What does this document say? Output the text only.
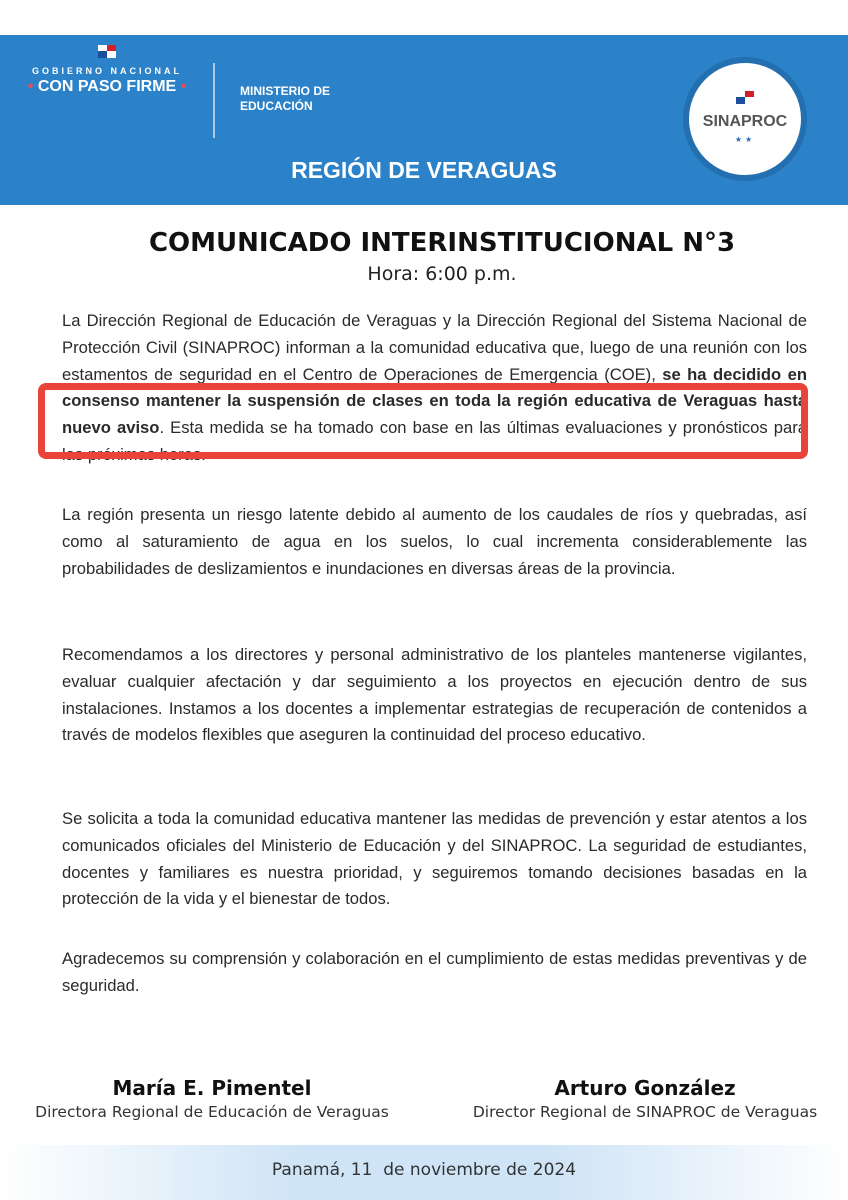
GOBIERNO NACIONAL
• CON PASO FIRME •	MINISTERIO DE
EDUCACIÓN
SINAPROC
★★
REGIÓN DE VERAGUAS
COMUNICADO INTERINSTITUCIONAL N°3
Hora: 6:00 p.m.
La Dirección Regional de Educación de Veraguas y la Dirección Regional del Sistema Nacional de Protección Civil (SINAPROC) informan a la comunidad educativa que, luego de una reunión con los estamentos de seguridad en el Centro de Operaciones de Emergencia (COE), se ha decidido en consenso mantener la suspensión de clases en toda la región educativa de Veraguas hasta nuevo aviso. Esta medida se ha tomado con base en las últimas evaluaciones y pronósticos para las próximas horas.
La región presenta un riesgo latente debido al aumento de los caudales de ríos y quebradas, así como al saturamiento de agua en los suelos, lo cual incrementa considerablemente las probabilidades de deslizamientos e inundaciones en diversas áreas de la provincia.
Recomendamos a los directores y personal administrativo de los planteles mantenerse vigilantes, evaluar cualquier afectación y dar seguimiento a los proyectos en ejecución dentro de sus instalaciones. Instamos a los docentes a implementar estrategias de recuperación de contenidos a través de modelos flexibles que aseguren la continuidad del proceso educativo.
Se solicita a toda la comunidad educativa mantener las medidas de prevención y estar atentos a los comunicados oficiales del Ministerio de Educación y del SINAPROC. La seguridad de estudiantes, docentes y familiares es nuestra prioridad, y seguiremos tomando decisiones basadas en la protección de la vida y el bienestar de todos.
Agradecemos su comprensión y colaboración en el cumplimiento de estas medidas preventivas y de seguridad.
María E. Pimentel
Directora Regional de Educación de Veraguas
Arturo González
Director Regional de SINAPROC de Veraguas
Panamá, 11  de noviembre de 2024
